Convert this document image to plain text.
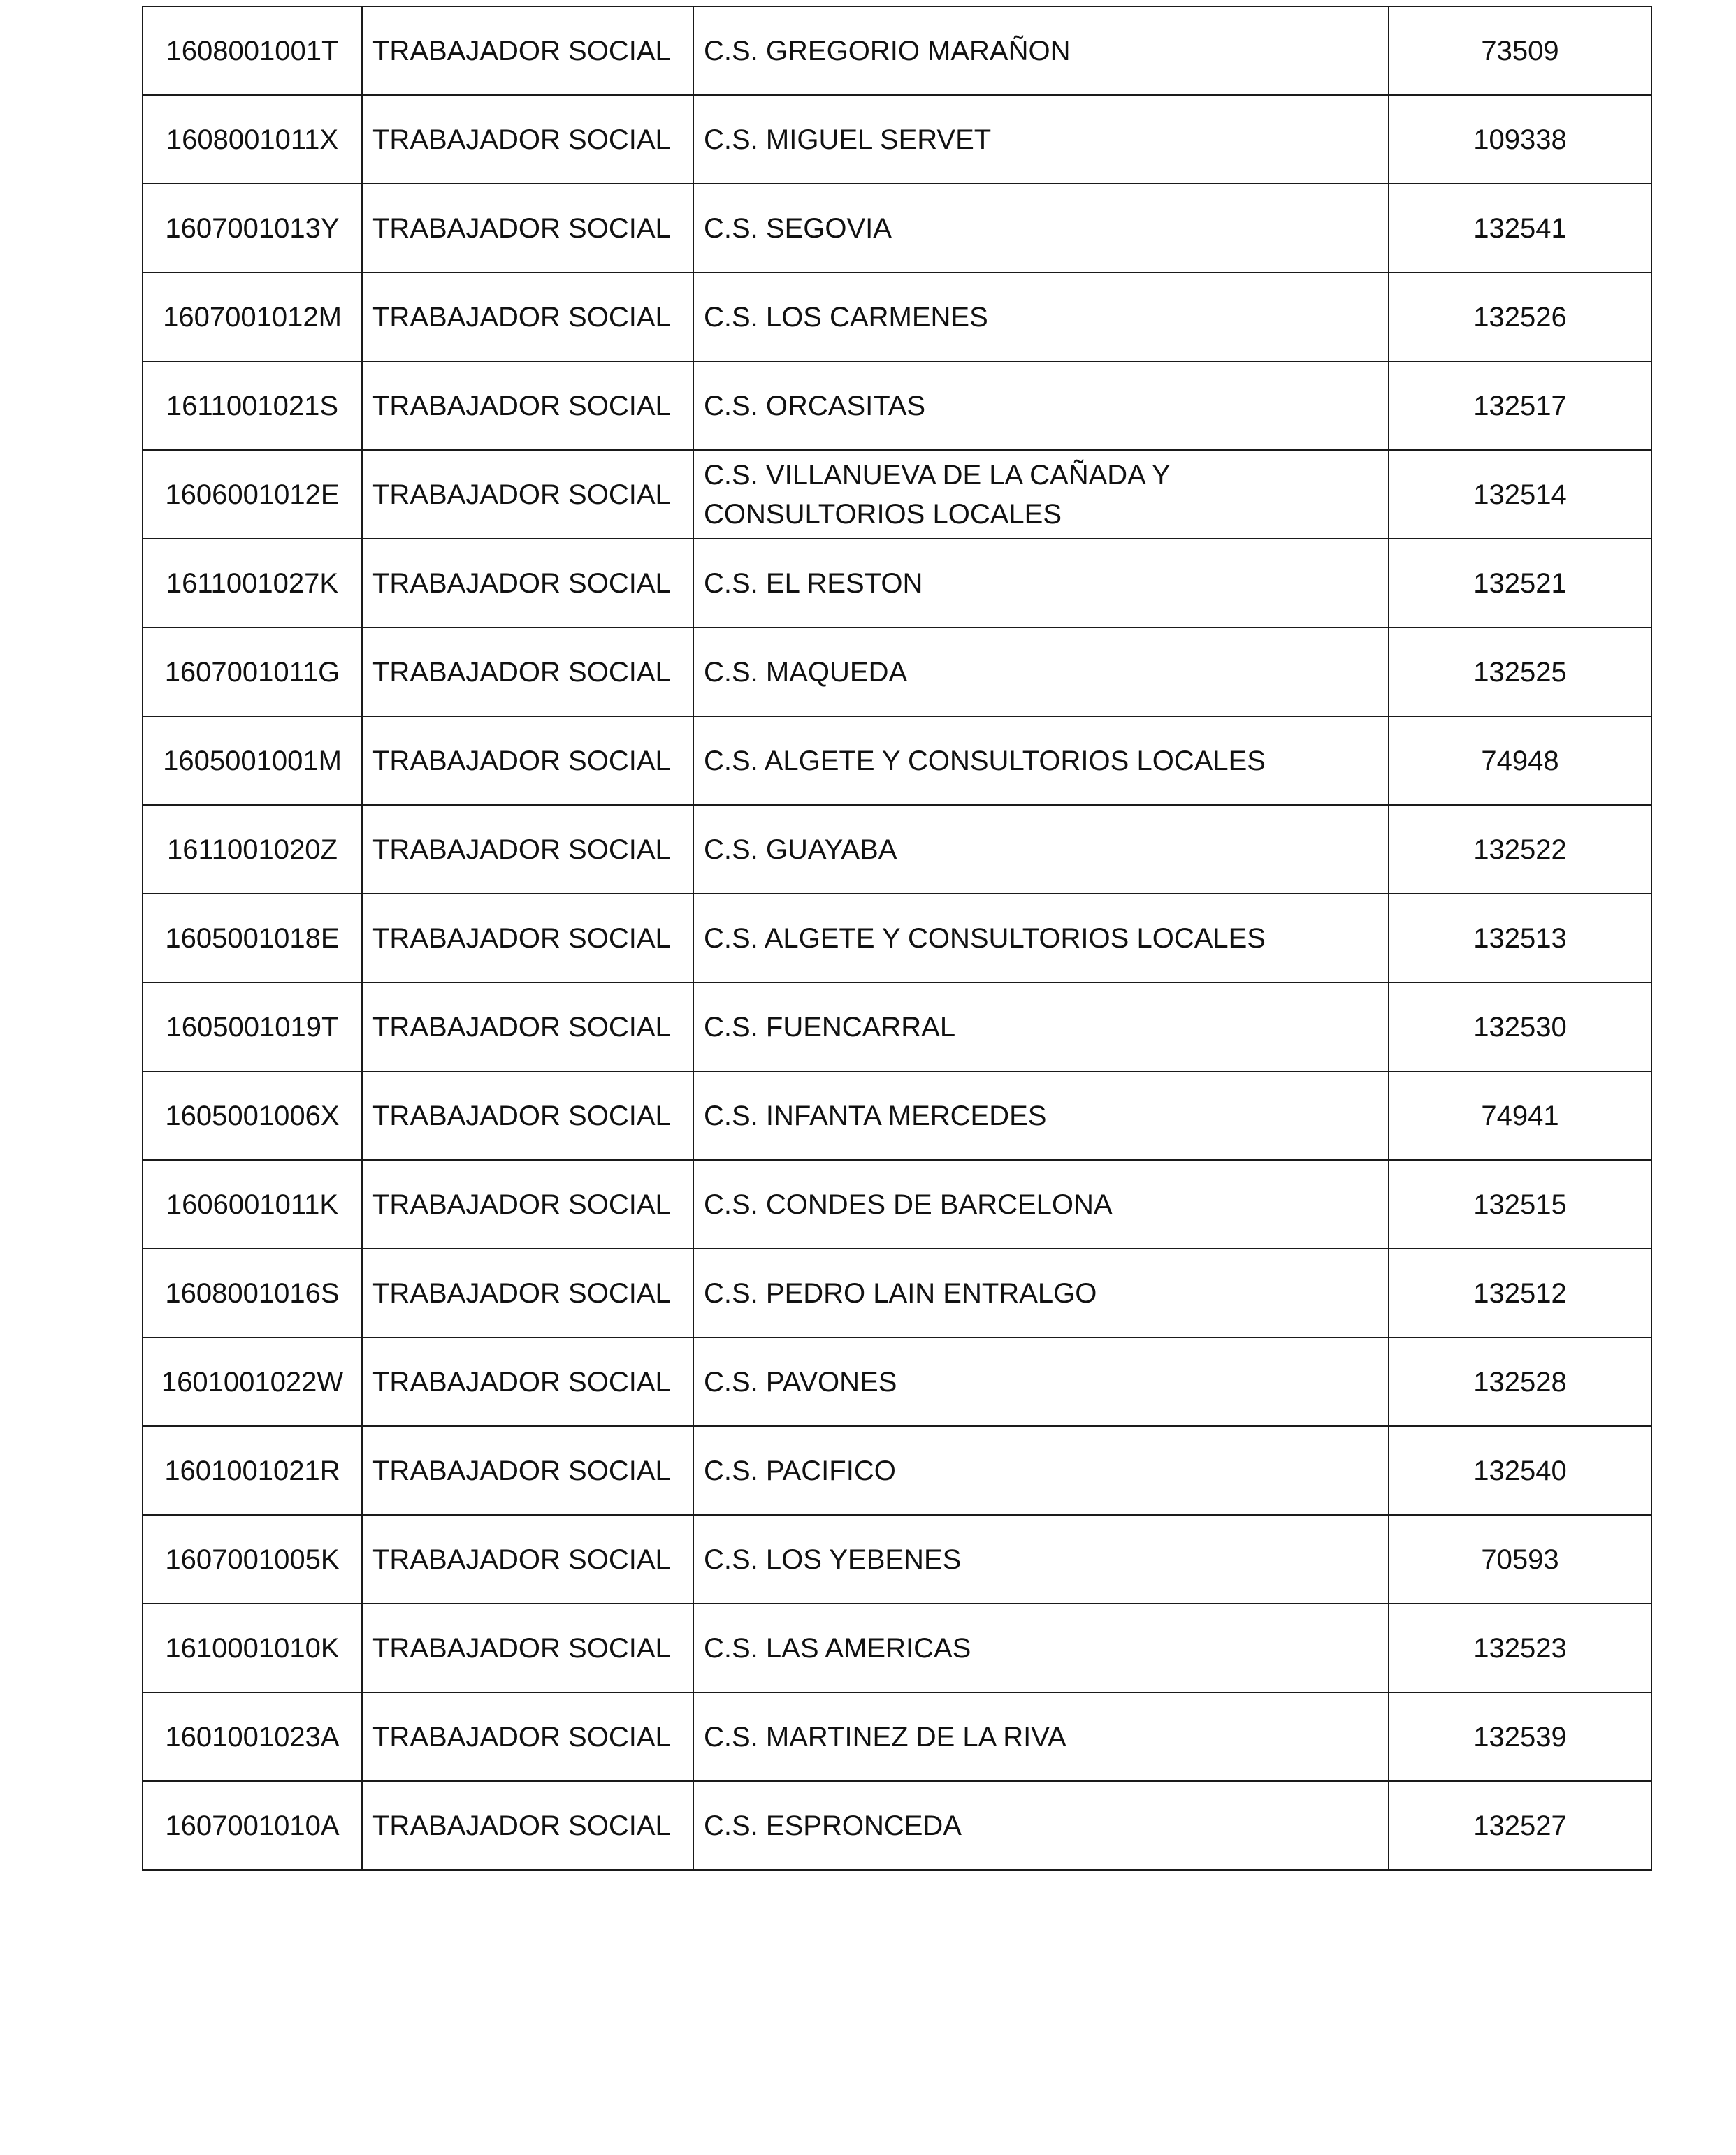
1608001001T	TRABAJADOR SOCIAL	C.S. GREGORIO MARAÑON	73509
1608001011X	TRABAJADOR SOCIAL	C.S. MIGUEL SERVET	109338
1607001013Y	TRABAJADOR SOCIAL	C.S. SEGOVIA	132541
1607001012M	TRABAJADOR SOCIAL	C.S. LOS CARMENES	132526
1611001021S	TRABAJADOR SOCIAL	C.S. ORCASITAS	132517
1606001012E	TRABAJADOR SOCIAL	C.S. VILLANUEVA DE LA CAÑADA Y CONSULTORIOS LOCALES	132514
1611001027K	TRABAJADOR SOCIAL	C.S. EL RESTON	132521
1607001011G	TRABAJADOR SOCIAL	C.S. MAQUEDA	132525
1605001001M	TRABAJADOR SOCIAL	C.S. ALGETE Y CONSULTORIOS LOCALES	74948
1611001020Z	TRABAJADOR SOCIAL	C.S. GUAYABA	132522
1605001018E	TRABAJADOR SOCIAL	C.S. ALGETE Y CONSULTORIOS LOCALES	132513
1605001019T	TRABAJADOR SOCIAL	C.S. FUENCARRAL	132530
1605001006X	TRABAJADOR SOCIAL	C.S. INFANTA MERCEDES	74941
1606001011K	TRABAJADOR SOCIAL	C.S. CONDES DE BARCELONA	132515
1608001016S	TRABAJADOR SOCIAL	C.S. PEDRO LAIN ENTRALGO	132512
1601001022W	TRABAJADOR SOCIAL	C.S. PAVONES	132528
1601001021R	TRABAJADOR SOCIAL	C.S. PACIFICO	132540
1607001005K	TRABAJADOR SOCIAL	C.S. LOS YEBENES	70593
1610001010K	TRABAJADOR SOCIAL	C.S. LAS AMERICAS	132523
1601001023A	TRABAJADOR SOCIAL	C.S. MARTINEZ DE LA RIVA	132539
1607001010A	TRABAJADOR SOCIAL	C.S. ESPRONCEDA	132527
